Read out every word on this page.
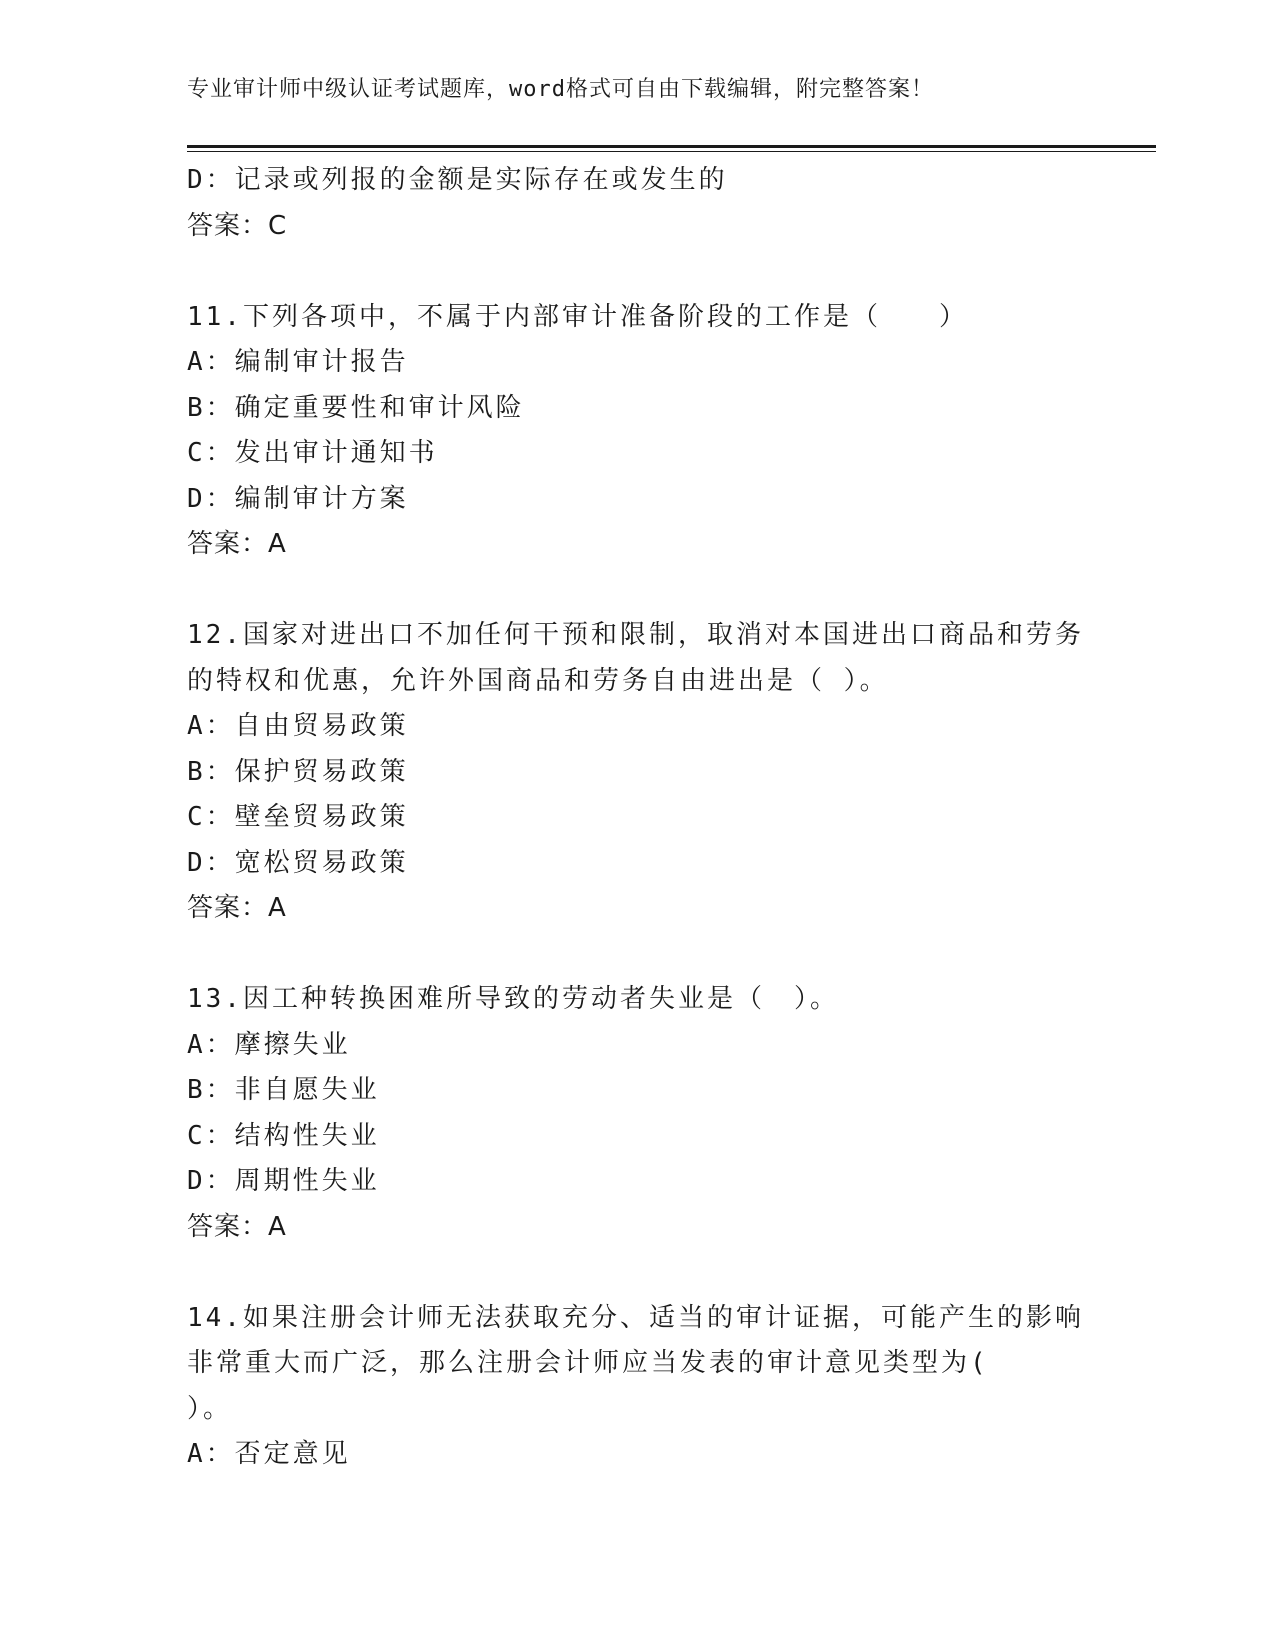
专业审计师中级认证考试题库，word格式可自由下载编辑，附完整答案！
D：记录或列报的金额是实际存在或发生的
答案：C
11.下列各项中，不属于内部审计准备阶段的工作是（　　）
A：编制审计报告
B：确定重要性和审计风险
C：发出审计通知书
D：编制审计方案
答案：A
12.国家对进出口不加任何干预和限制，取消对本国进出口商品和劳务
的特权和优惠，允许外国商品和劳务自由进出是（ ）。
A：自由贸易政策
B：保护贸易政策
C：壁垒贸易政策
D：宽松贸易政策
答案：A
13.因工种转换困难所导致的劳动者失业是（　）。
A：摩擦失业
B：非自愿失业
C：结构性失业
D：周期性失业
答案：A
14.如果注册会计师无法获取充分、适当的审计证据，可能产生的影响
非常重大而广泛，那么注册会计师应当发表的审计意见类型为(
）。
A：否定意见
